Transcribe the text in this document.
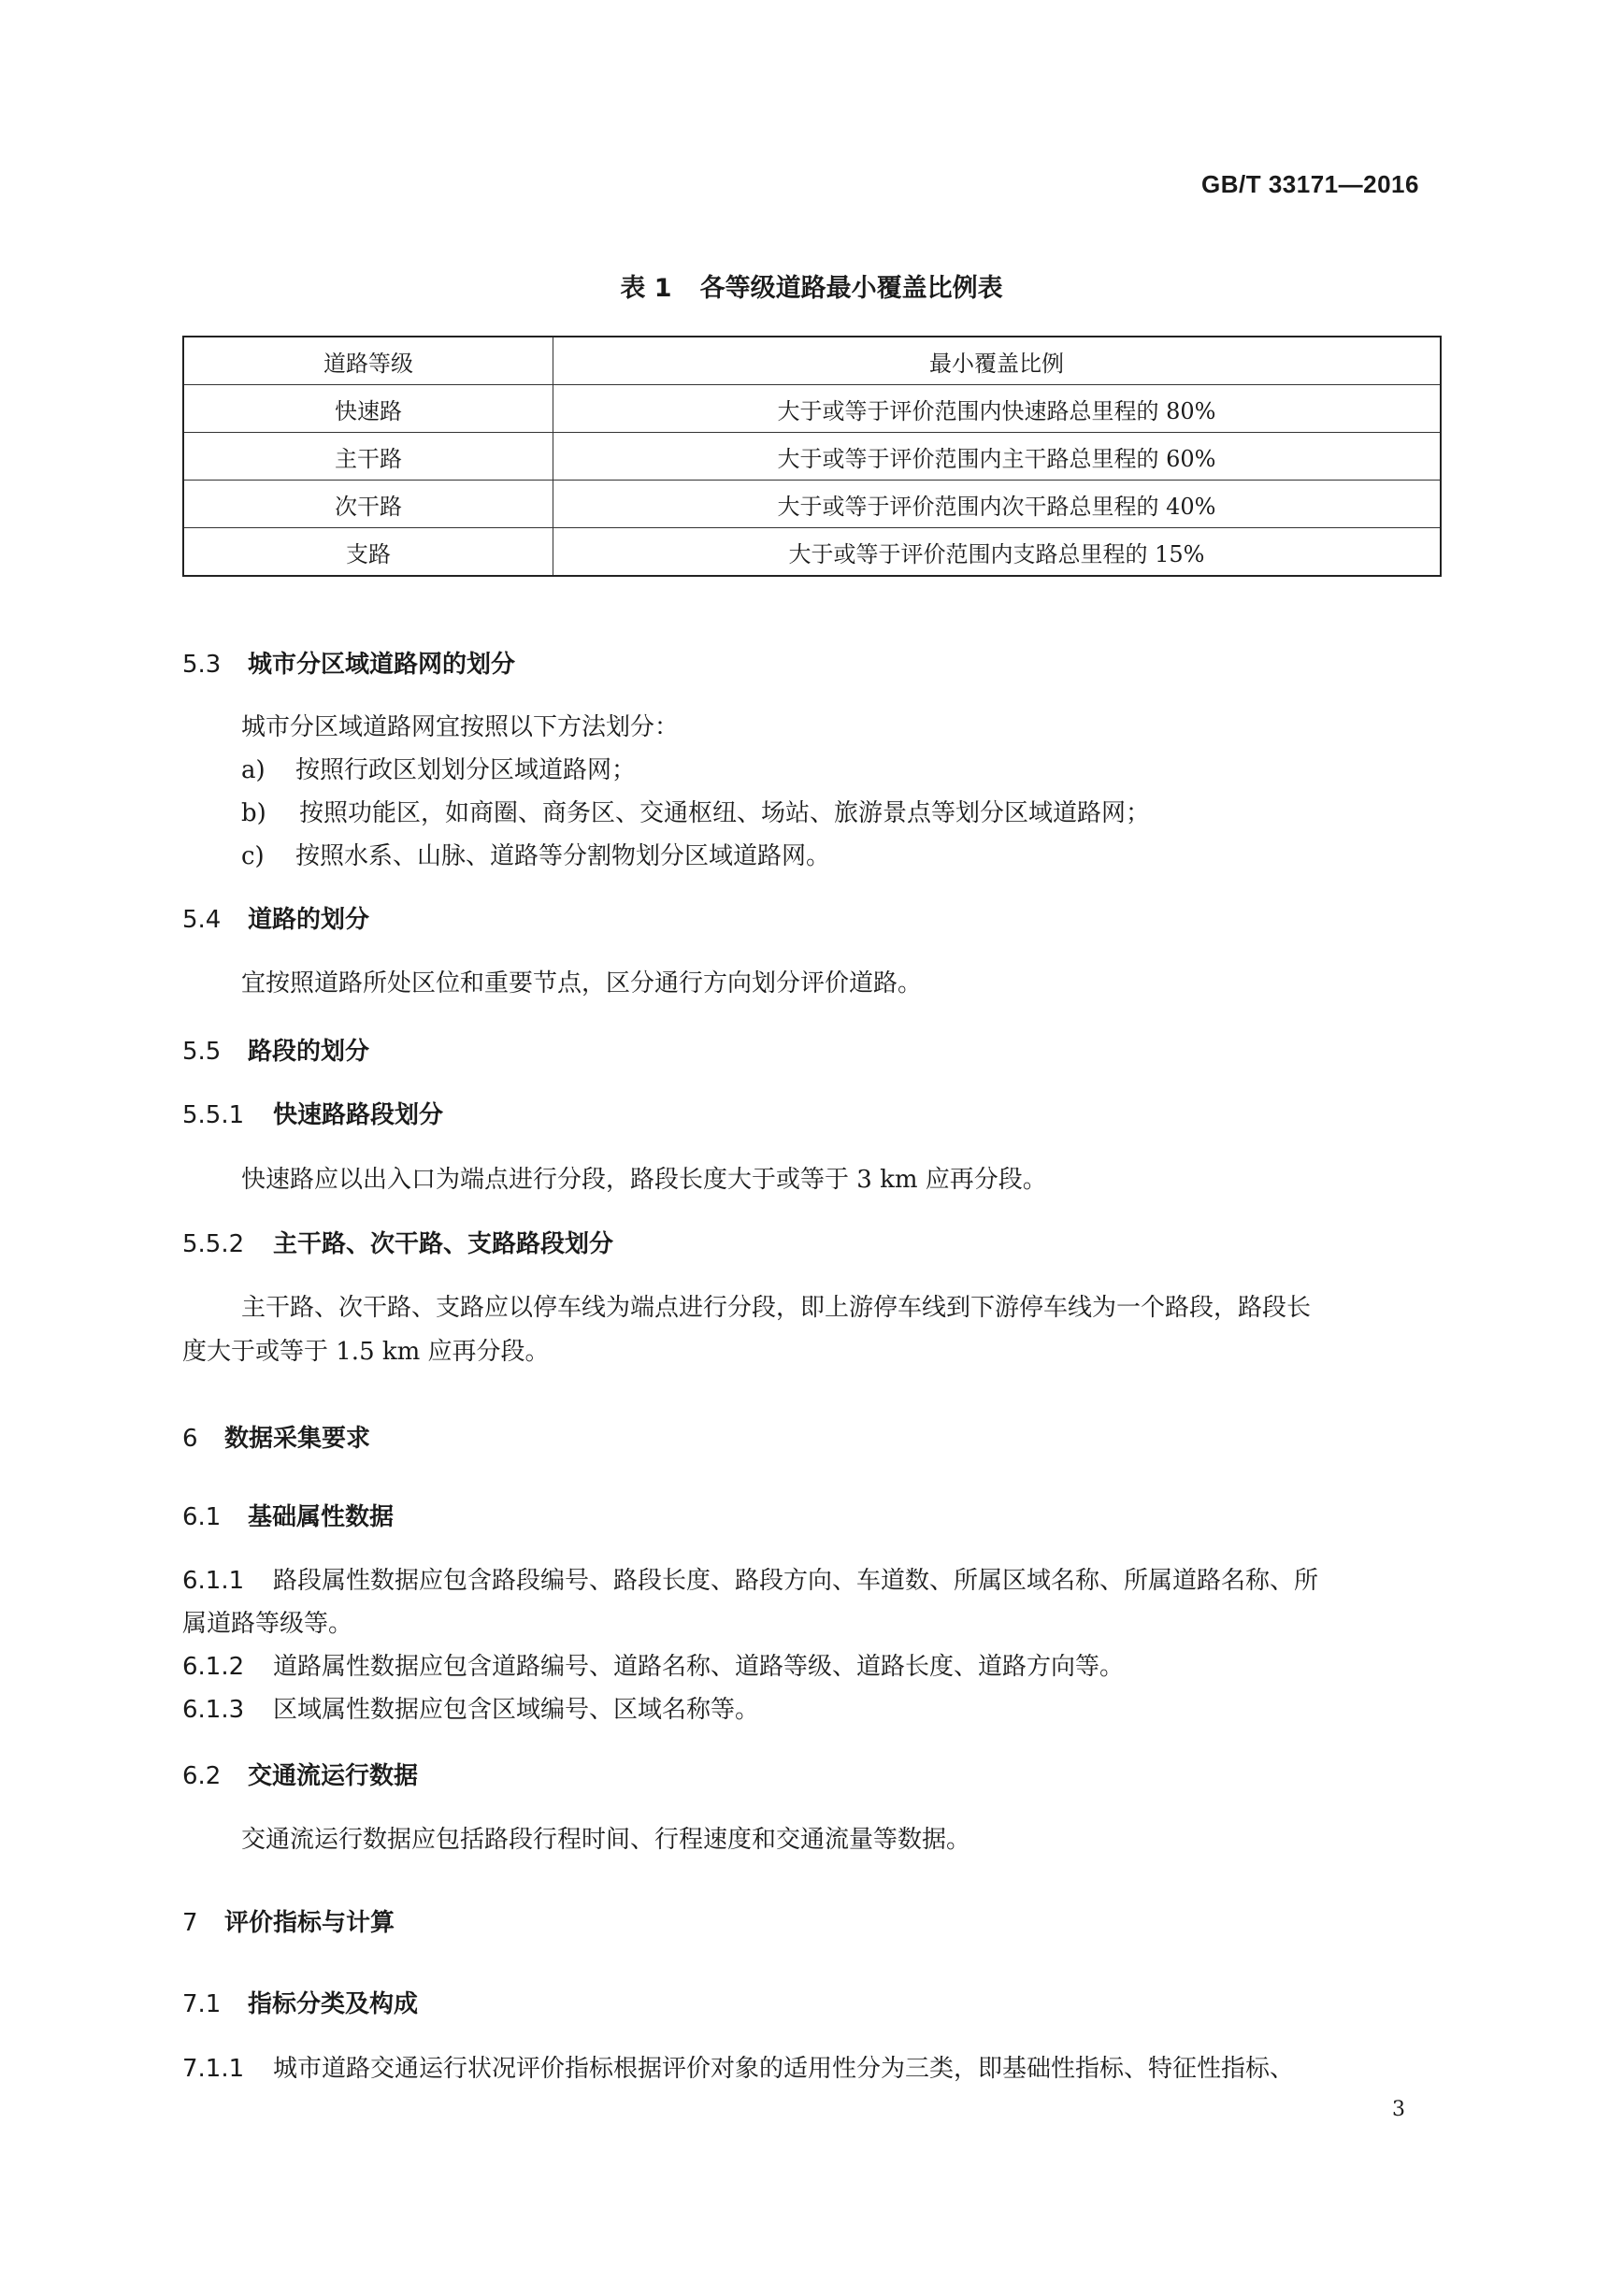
GB/T 33171—2016
表 1 各等级道路最小覆盖比例表
道路等级	最小覆盖比例
快速路	大于或等于评价范围内快速路总里程的 80%
主干路	大于或等于评价范围内主干路总里程的 60%
次干路	大于或等于评价范围内次干路总里程的 40%
支路	大于或等于评价范围内支路总里程的 15%
5.3 城市分区域道路网的划分
城市分区域道路网宜按照以下方法划分：
a) 按照行政区划划分区域道路网；
b) 按照功能区，如商圈、商务区、交通枢纽、场站、旅游景点等划分区域道路网；
c) 按照水系、山脉、道路等分割物划分区域道路网。
5.4 道路的划分
宜按照道路所处区位和重要节点，区分通行方向划分评价道路。
5.5 路段的划分
5.5.1 快速路路段划分
快速路应以出入口为端点进行分段，路段长度大于或等于 3 km 应再分段。
5.5.2 主干路、次干路、支路路段划分
主干路、次干路、支路应以停车线为端点进行分段，即上游停车线到下游停车线为一个路段，路段长
度大于或等于 1.5 km 应再分段。
6 数据采集要求
6.1 基础属性数据
6.1.1 路段属性数据应包含路段编号、路段长度、路段方向、车道数、所属区域名称、所属道路名称、所
属道路等级等。
6.1.2 道路属性数据应包含道路编号、道路名称、道路等级、道路长度、道路方向等。
6.1.3 区域属性数据应包含区域编号、区域名称等。
6.2 交通流运行数据
交通流运行数据应包括路段行程时间、行程速度和交通流量等数据。
7 评价指标与计算
7.1 指标分类及构成
7.1.1 城市道路交通运行状况评价指标根据评价对象的适用性分为三类，即基础性指标、特征性指标、
3
